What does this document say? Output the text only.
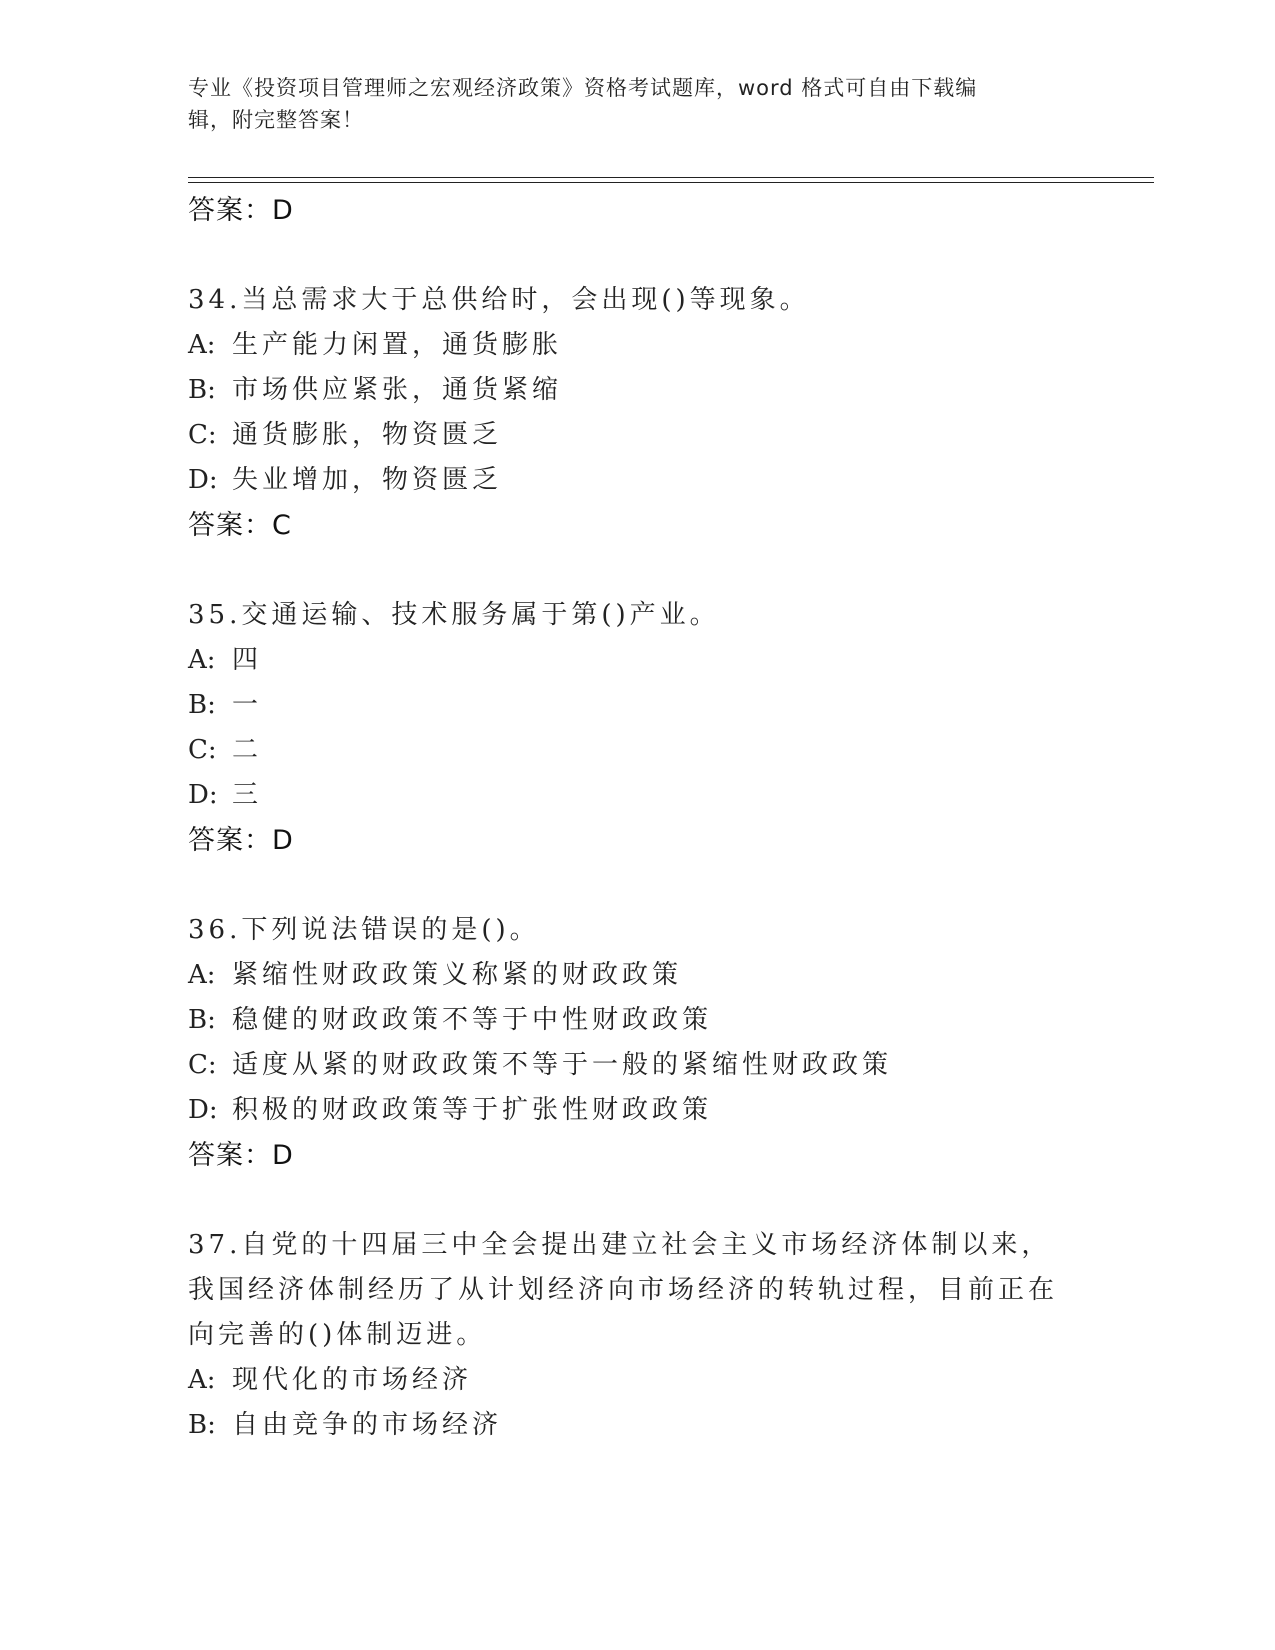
专业《投资项目管理师之宏观经济政策》资格考试题库，word 格式可自由下载编
辑，附完整答案！
答案：D
34.当总需求大于总供给时，会出现()等现象。
A: 生产能力闲置，通货膨胀
B: 市场供应紧张，通货紧缩
C: 通货膨胀，物资匮乏
D: 失业增加，物资匮乏
答案：C
35.交通运输、技术服务属于第()产业。
A: 四
B: 一
C: 二
D: 三
答案：D
36.下列说法错误的是()。
A: 紧缩性财政政策义称紧的财政政策
B: 稳健的财政政策不等于中性财政政策
C: 适度从紧的财政政策不等于一般的紧缩性财政政策
D: 积极的财政政策等于扩张性财政政策
答案：D
37.自党的十四届三中全会提出建立社会主义市场经济体制以来，我国经济体制经历了从计划经济向市场经济的转轨过程，目前正在向完善的()体制迈进。
A: 现代化的市场经济
B: 自由竞争的市场经济
